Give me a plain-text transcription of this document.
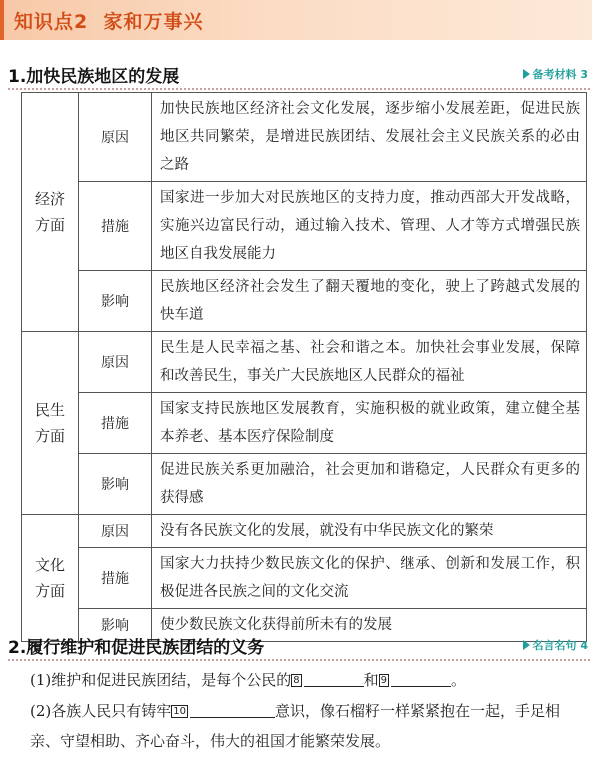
知识点2  家和万事兴
1.加快民族地区的发展	备考材料 3
经济
方面	原因	加快民族地区经济社会文化发展，逐步缩小发展差距，促进民族地区共同繁荣，是增进民族团结、发展社会主义民族关系的必由之路
	措施	国家进一步加大对民族地区的支持力度，推动西部大开发战略，实施兴边富民行动，通过输入技术、管理、人才等方式增强民族地区自我发展能力
	影响	民族地区经济社会发生了翻天覆地的变化，驶上了跨越式发展的快车道
民生
方面	原因	民生是人民幸福之基、社会和谐之本。加快社会事业发展，保障和改善民生，事关广大民族地区人民群众的福祉
	措施	国家支持民族地区发展教育，实施积极的就业政策，建立健全基本养老、基本医疗保险制度
	影响	促进民族关系更加融洽，社会更加和谐稳定，人民群众有更多的获得感
文化
方面	原因	没有各民族文化的发展，就没有中华民族文化的繁荣
	措施	国家大力扶持少数民族文化的保护、继承、创新和发展工作，积极促进各民族之间的文化交流
	影响	使少数民族文化获得前所未有的发展
2.履行维护和促进民族团结的义务	名言名句 4
(1)维护和促进民族团结，是每个公民的 8	和 9	。
(2)各族人民只有铸牢 10	意识，像石榴籽一样紧紧抱在一起，手足相亲、守望相助、齐心奋斗，伟大的祖国才能繁荣发展。
